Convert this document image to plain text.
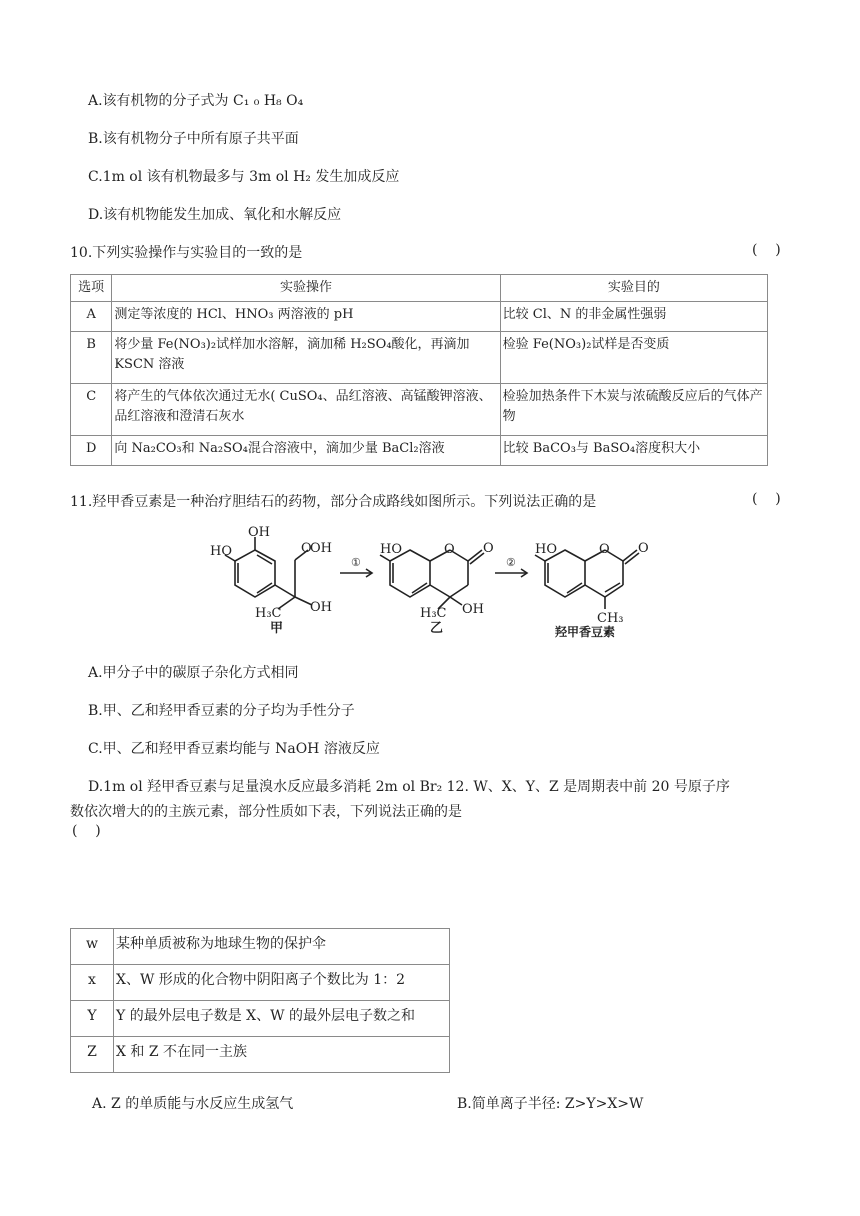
A.该有机物的分子式为 C₁ ₀ H₈ O₄
B.该有机物分子中所有原子共平面
C.1m ol 该有机物最多与 3m ol H₂ 发生加成反应
D.该有机物能发生加成、氧化和水解反应
10.下列实验操作与实验目的一致的是	(    )
选项	实验操作	实验目的
A	测定等浓度的 HCl、HNO₃ 两溶液的 pH	比较 Cl、N 的非金属性强弱
B	将少量 Fe(NO₃)₂试样加水溶解，滴加稀 H₂SO₄酸化，再滴加KSCN 溶液	检验 Fe(NO₃)₂试样是否变质
C	将产生的气体依次通过无水( CuSO₄、品红溶液、高锰酸钾溶液、品红溶液和澄清石灰水	检验加热条件下木炭与浓硫酸反应后的气体产物
D	向 Na₂CO₃和 Na₂SO₄混合溶液中，滴加少量 BaCl₂溶液	比较 BaCO₃与 BaSO₄溶度积大小
11.羟甲香豆素是一种治疗胆结石的药物，部分合成路线如图所示。下列说法正确的是	(    )
HO
OH
O
OH
OH
H₃C
甲
①
HO	O O
OH
H₃C
乙
②
HO	O O
CH₃
羟甲香豆素
A.甲分子中的碳原子杂化方式相同
B.甲、乙和羟甲香豆素的分子均为手性分子
C.甲、乙和羟甲香豆素均能与 NaOH 溶液反应
D.1m ol 羟甲香豆素与足量溴水反应最多消耗 2m ol Br₂ 12. W、X、Y、Z 是周期表中前 20 号原子序
数依次增大的的主族元素，部分性质如下表，下列说法正确的是
(    )
w	某种单质被称为地球生物的保护伞
x	X、W 形成的化合物中阴阳离子个数比为 1：2
Y	Y 的最外层电子数是 X、W 的最外层电子数之和
Z	X 和 Z 不在同一主族
A. Z 的单质能与水反应生成氢气	B.简单离子半径: Z>Y>X>W
